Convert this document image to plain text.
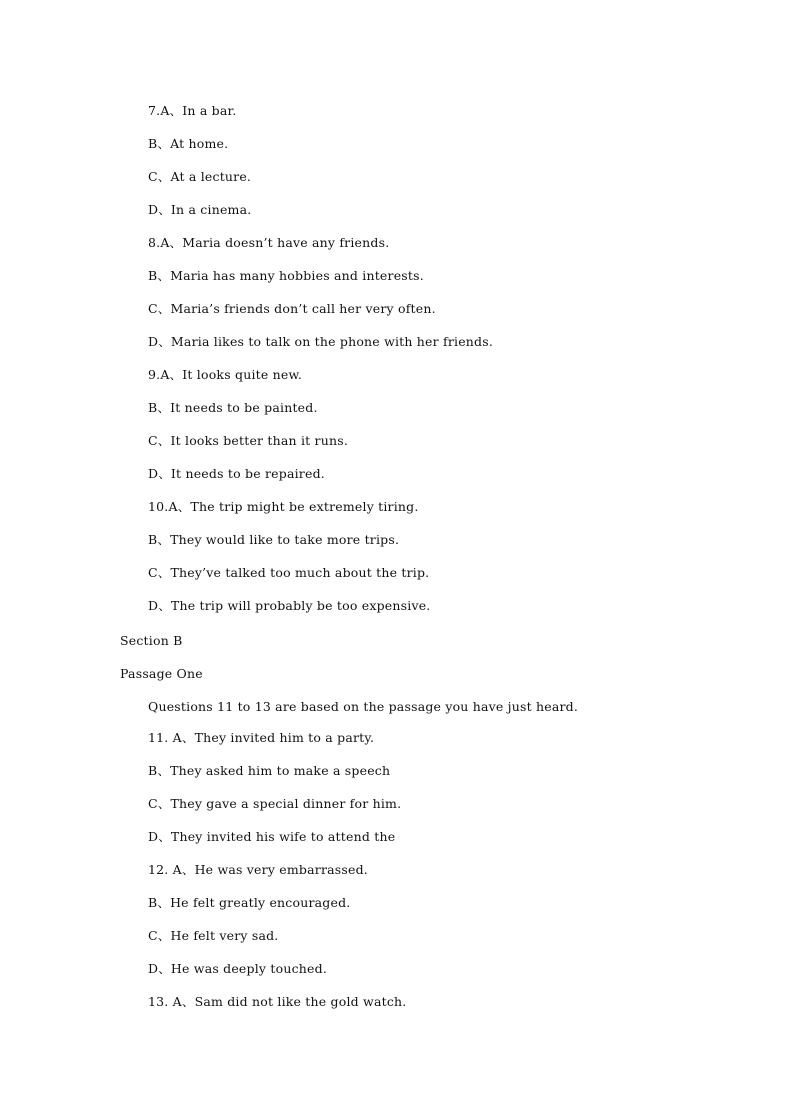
7.A、In a bar.
B、At home.
C、At a lecture.
D、In a cinema.
8.A、Maria doesn’t have any friends.
B、Maria has many hobbies and interests.
C、Maria’s friends don’t call her very often.
D、Maria likes to talk on the phone with her friends.
9.A、It looks quite new.
B、It needs to be painted.
C、It looks better than it runs.
D、It needs to be repaired.
10.A、The trip might be extremely tiring.
B、They would like to take more trips.
C、They’ve talked too much about the trip.
D、The trip will probably be too expensive.
Section B
Passage One
Questions 11 to 13 are based on the passage you have just heard.
11. A、They invited him to a party.
B、They asked him to make a speech
C、They gave a special dinner for him.
D、They invited his wife to attend the
12. A、He was very embarrassed.
B、He felt greatly encouraged.
C、He felt very sad.
D、He was deeply touched.
13. A、Sam did not like the gold watch.
